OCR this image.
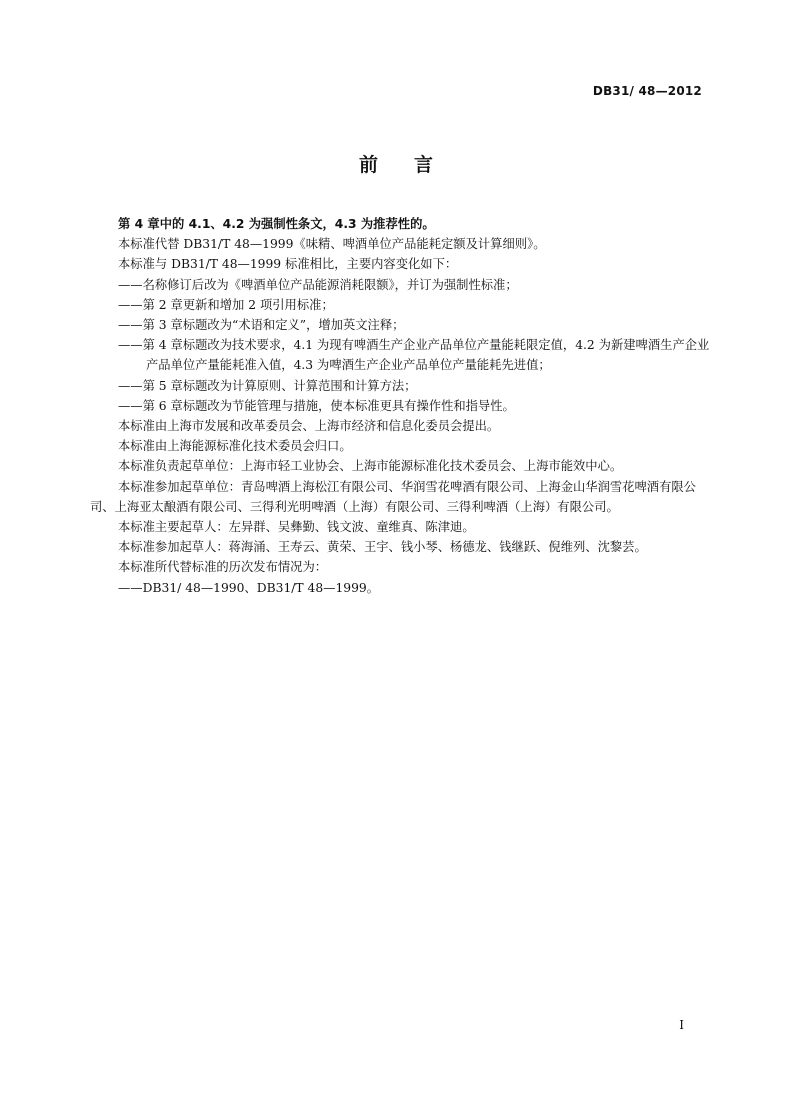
DB31/ 48—2012
前言

第 4 章中的 4.1、4.2 为强制性条文，4.3 为推荐性的。

本标准代替 DB31/T 48—1999《味精、啤酒单位产品能耗定额及计算细则》。

本标准与 DB31/T 48—1999 标准相比，主要内容变化如下：

——名称修订后改为《啤酒单位产品能源消耗限额》，并订为强制性标准；

——第 2 章更新和增加 2 项引用标准；

——第 3 章标题改为“术语和定义”，增加英文注释；

——第 4 章标题改为技术要求，4.1 为现有啤酒生产企业产品单位产量能耗限定值，4.2 为新建啤酒生产企业产品单位产量能耗准入值，4.3 为啤酒生产企业产品单位产量能耗先进值；

——第 5 章标题改为计算原则、计算范围和计算方法；

——第 6 章标题改为节能管理与措施，使本标准更具有操作性和指导性。

本标准由上海市发展和改革委员会、上海市经济和信息化委员会提出。

本标准由上海能源标准化技术委员会归口。

本标准负责起草单位：上海市轻工业协会、上海市能源标准化技术委员会、上海市能效中心。

本标准参加起草单位：青岛啤酒上海松江有限公司、华润雪花啤酒有限公司、上海金山华润雪花啤酒有限公司、上海亚太酿酒有限公司、三得利光明啤酒（上海）有限公司、三得利啤酒（上海）有限公司。

本标准主要起草人：左异群、吴彝勤、钱文波、童维真、陈津迪。

本标准参加起草人：蒋海涌、王寿云、黄荣、王宇、钱小琴、杨德龙、钱继跃、倪维列、沈黎芸。

本标准所代替标准的历次发布情况为：

——DB31/ 48—1990、DB31/T 48—1999。

I
